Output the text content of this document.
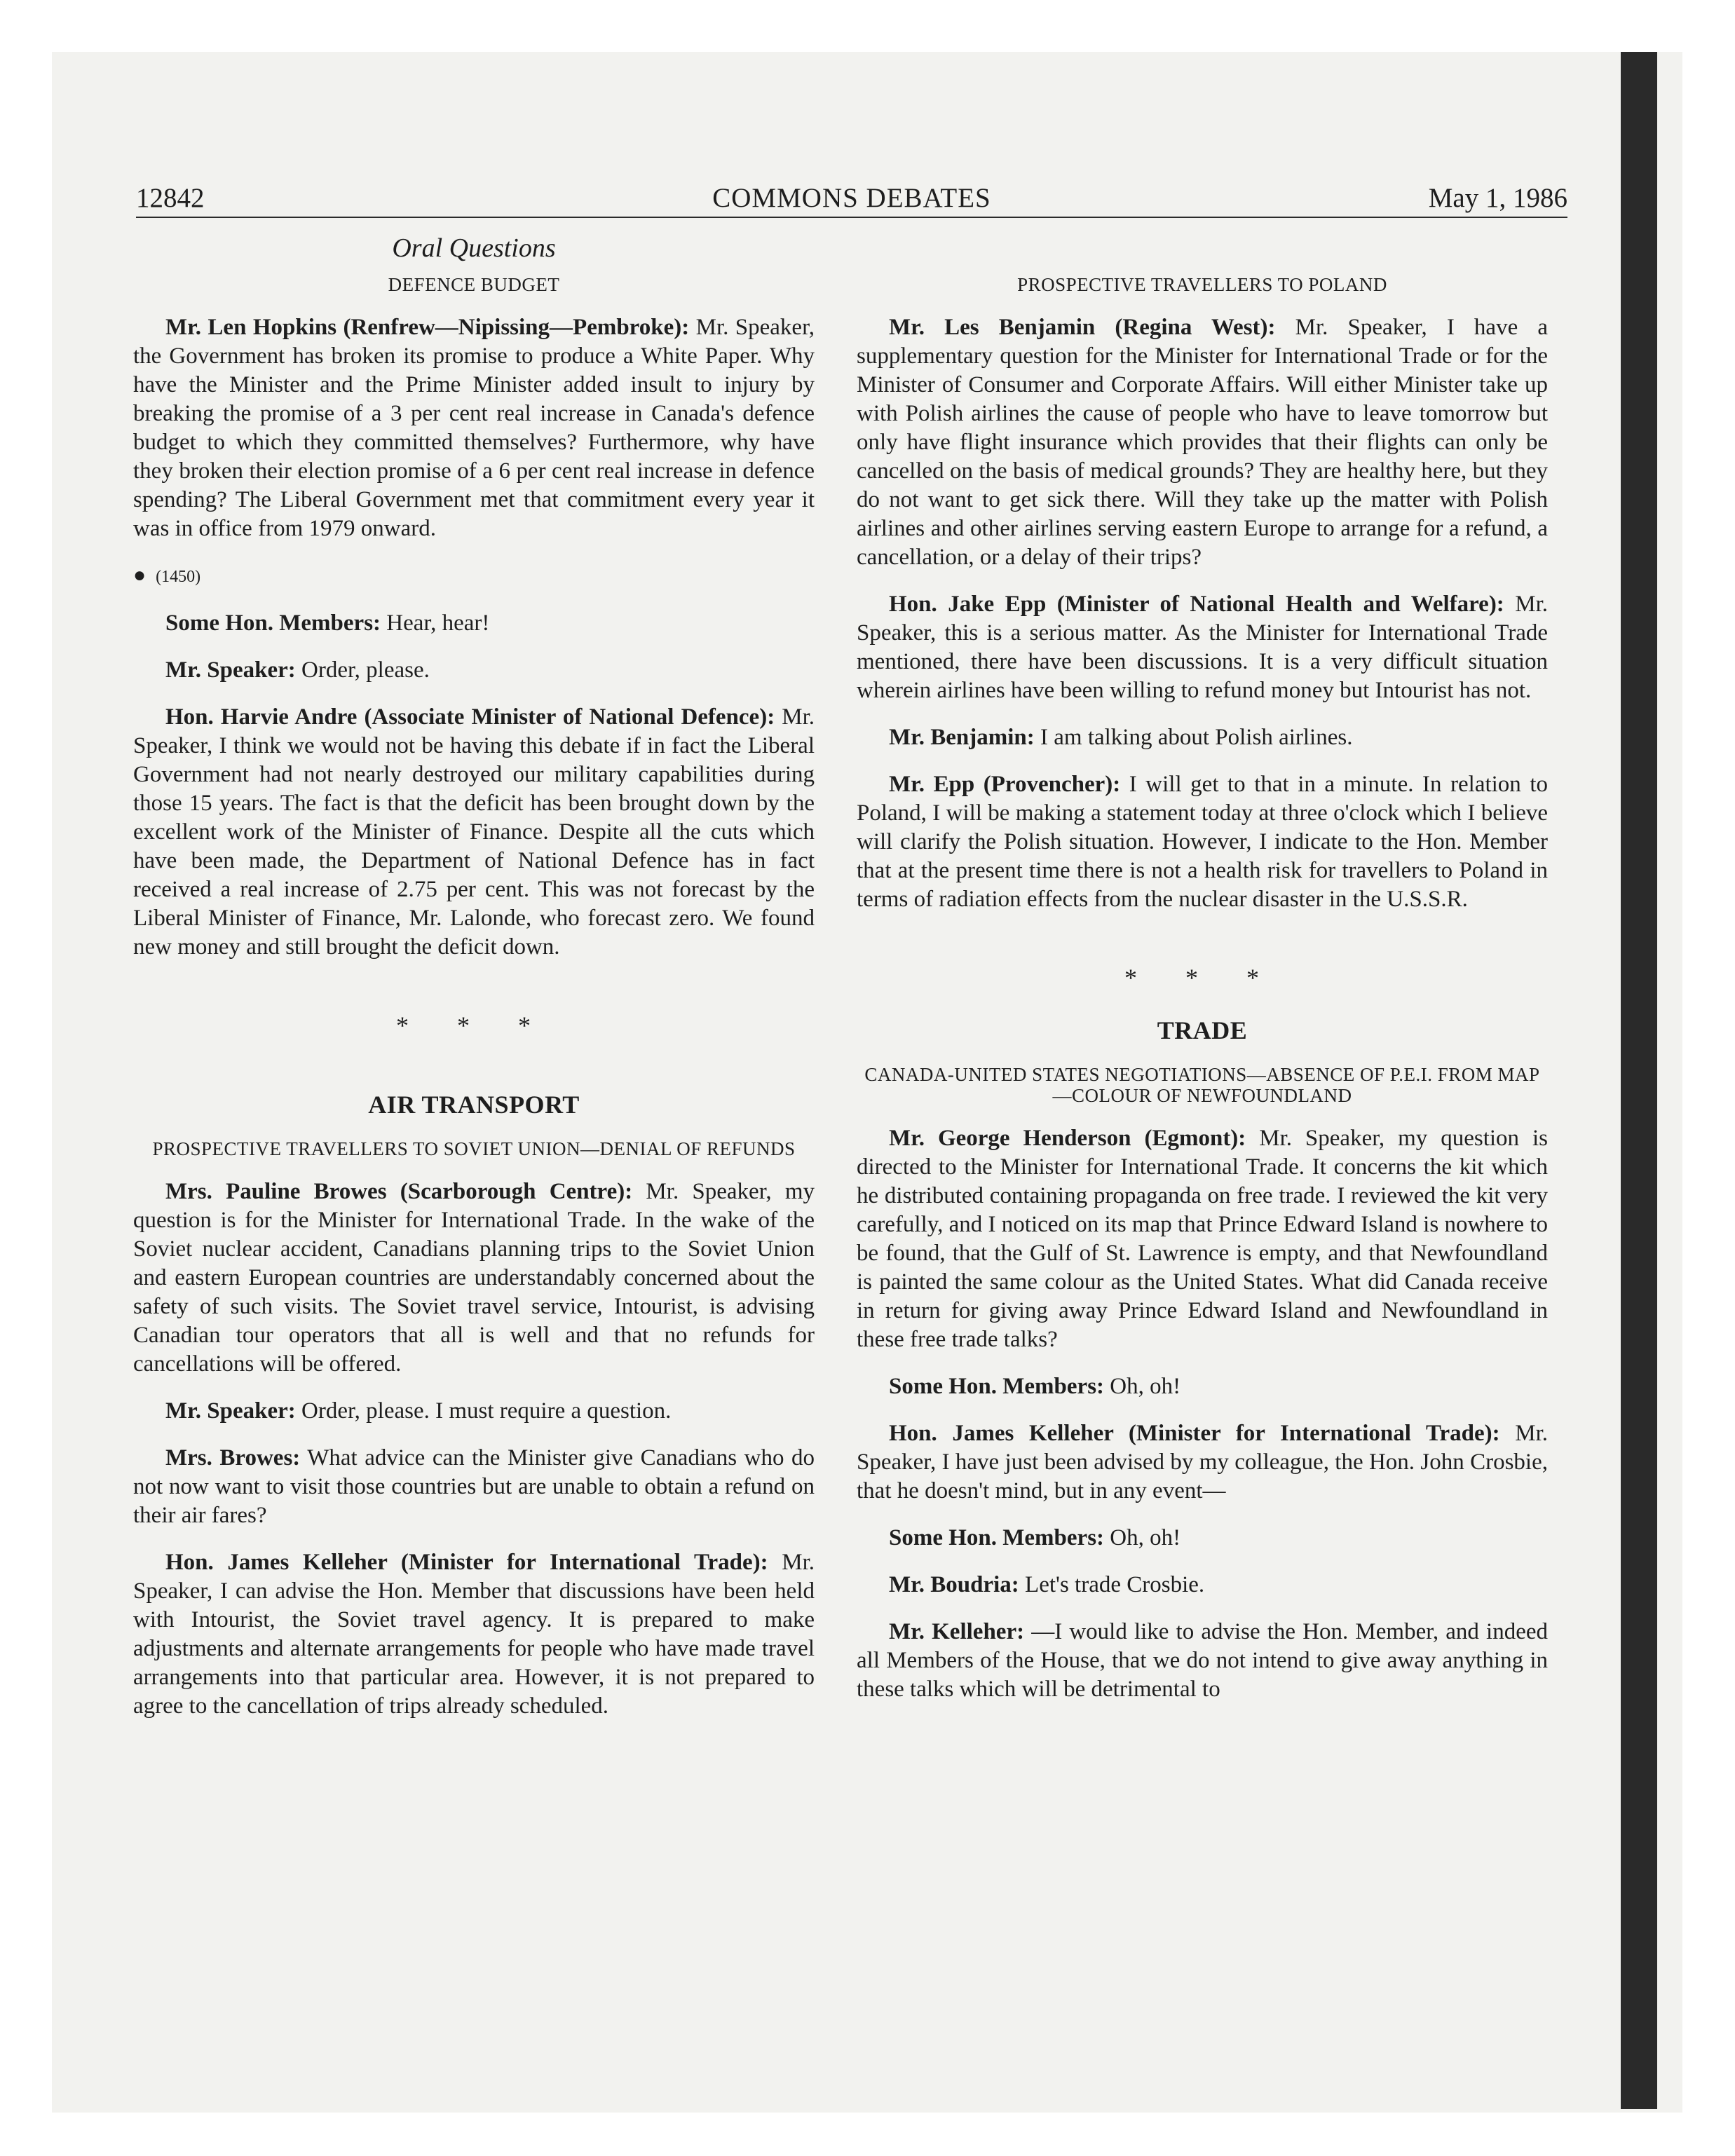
COMMONS DEBATES
12842	May 1, 1986

Oral Questions

DEFENCE BUDGET

Mr. Len Hopkins (Renfrew—Nipissing—Pembroke): Mr. Speaker, the Government has broken its promise to produce a White Paper. Why have the Minister and the Prime Minister added insult to injury by breaking the promise of a 3 per cent real increase in Canada's defence budget to which they committed themselves? Furthermore, why have they broken their election promise of a 6 per cent real increase in defence spending? The Liberal Government met that commitment every year it was in office from 1979 onward.

● (1450)

Some Hon. Members: Hear, hear!

Mr. Speaker: Order, please.

Hon. Harvie Andre (Associate Minister of National Defence): Mr. Speaker, I think we would not be having this debate if in fact the Liberal Government had not nearly destroyed our military capabilities during those 15 years. The fact is that the deficit has been brought down by the excellent work of the Minister of Finance. Despite all the cuts which have been made, the Department of National Defence has in fact received a real increase of 2.75 per cent. This was not forecast by the Liberal Minister of Finance, Mr. Lalonde, who forecast zero. We found new money and still brought the deficit down.

* * *

AIR TRANSPORT

PROSPECTIVE TRAVELLERS TO SOVIET UNION—DENIAL OF REFUNDS

Mrs. Pauline Browes (Scarborough Centre): Mr. Speaker, my question is for the Minister for International Trade. In the wake of the Soviet nuclear accident, Canadians planning trips to the Soviet Union and eastern European countries are understandably concerned about the safety of such visits. The Soviet travel service, Intourist, is advising Canadian tour operators that all is well and that no refunds for cancellations will be offered.

Mr. Speaker: Order, please. I must require a question.

Mrs. Browes: What advice can the Minister give Canadians who do not now want to visit those countries but are unable to obtain a refund on their air fares?

Hon. James Kelleher (Minister for International Trade): Mr. Speaker, I can advise the Hon. Member that discussions have been held with Intourist, the Soviet travel agency. It is prepared to make adjustments and alternate arrangements for people who have made travel arrangements into that particular area. However, it is not prepared to agree to the cancellation of trips already scheduled.

PROSPECTIVE TRAVELLERS TO POLAND

Mr. Les Benjamin (Regina West): Mr. Speaker, I have a supplementary question for the Minister for International Trade or for the Minister of Consumer and Corporate Affairs. Will either Minister take up with Polish airlines the cause of people who have to leave tomorrow but only have flight insurance which provides that their flights can only be cancelled on the basis of medical grounds? They are healthy here, but they do not want to get sick there. Will they take up the matter with Polish airlines and other airlines serving eastern Europe to arrange for a refund, a cancellation, or a delay of their trips?

Hon. Jake Epp (Minister of National Health and Welfare): Mr. Speaker, this is a serious matter. As the Minister for International Trade mentioned, there have been discussions. It is a very difficult situation wherein airlines have been willing to refund money but Intourist has not.

Mr. Benjamin: I am talking about Polish airlines.

Mr. Epp (Provencher): I will get to that in a minute. In relation to Poland, I will be making a statement today at three o'clock which I believe will clarify the Polish situation. However, I indicate to the Hon. Member that at the present time there is not a health risk for travellers to Poland in terms of radiation effects from the nuclear disaster in the U.S.S.R.

* * *

TRADE

CANADA-UNITED STATES NEGOTIATIONS—ABSENCE OF P.E.I. FROM MAP—COLOUR OF NEWFOUNDLAND

Mr. George Henderson (Egmont): Mr. Speaker, my question is directed to the Minister for International Trade. It concerns the kit which he distributed containing propaganda on free trade. I reviewed the kit very carefully, and I noticed on its map that Prince Edward Island is nowhere to be found, that the Gulf of St. Lawrence is empty, and that Newfoundland is painted the same colour as the United States. What did Canada receive in return for giving away Prince Edward Island and Newfoundland in these free trade talks?

Some Hon. Members: Oh, oh!

Hon. James Kelleher (Minister for International Trade): Mr. Speaker, I have just been advised by my colleague, the Hon. John Crosbie, that he doesn't mind, but in any event—

Some Hon. Members: Oh, oh!

Mr. Boudria: Let's trade Crosbie.

Mr. Kelleher: —I would like to advise the Hon. Member, and indeed all Members of the House, that we do not intend to give away anything in these talks which will be detrimental to
